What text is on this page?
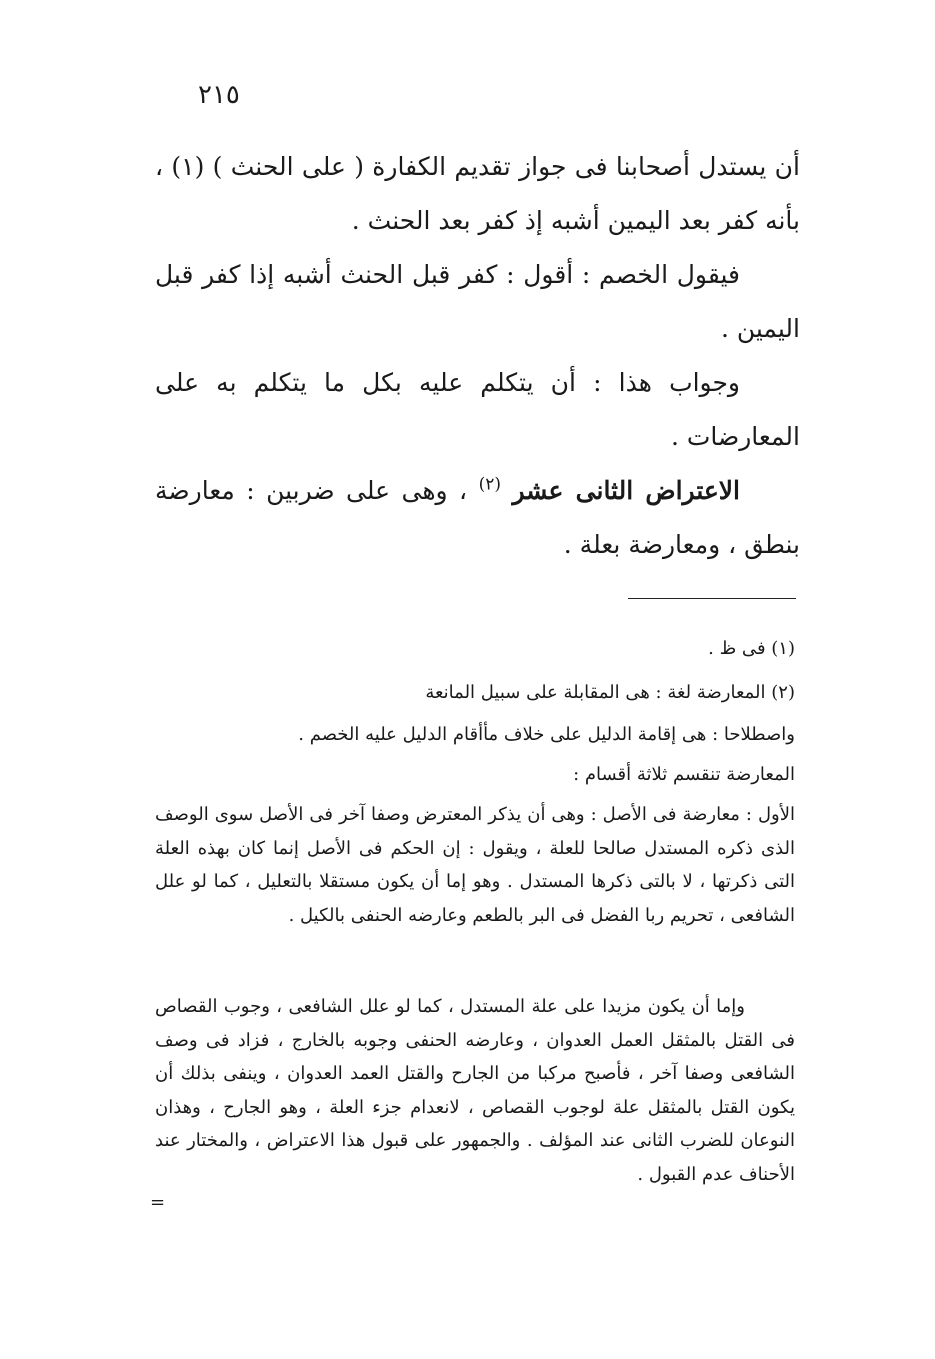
٢١٥

أن يستدل أصحابنا فى جواز تقديم الكفارة ( على الحنث ) (١) ، بأنه كفر بعد اليمين أشبه إذ كفر بعد الحنث .

فيقول الخصم : أقول : كفر قبل الحنث أشبه إذا كفر قبل اليمين .

وجواب هذا : أن يتكلم عليه بكل ما يتكلم به على المعارضات .

الاعتراض الثانى عشر $^{(٢)}$ ، وهى على ضربين : معارضة بنطق ، ومعارضة بعلة .

(١) فى ظ .
(٢) المعارضة لغة : هى المقابلة على سبيل المانعة
واصطلاحا : هى إقامة الدليل على خلاف مأأقام الدليل عليه الخصم .
المعارضة تنقسم ثلاثة أقسام :

الأول : معارضة فى الأصل : وهى أن يذكر المعترض وصفا آخر فى الأصل سوى الوصف الذى ذكره المستدل صالحا للعلة ، ويقول : إن الحكم فى الأصل إنما كان بهذه العلة التى ذكرتها ، لا بالتى ذكرها المستدل . وهو إما أن يكون مستقلا بالتعليل ، كما لو علل الشافعى ، تحريم ربا الفضل فى البر بالطعم وعارضه الحنفى بالكيل .

وإما أن يكون مزيدا على علة المستدل ، كما لو علل الشافعى ، وجوب القصاص فى القتل بالمثقل العمل العدوان ، وعارضه الحنفى وجوبه بالخارج ، فزاد فى وصف الشافعى وصفا آخر ، فأصبح مركبا من الجارح والقتل العمد العدوان ، وينفى بذلك أن يكون القتل بالمثقل علة لوجوب القصاص ، لانعدام جزء العلة ، وهو الجارح ، وهذان النوعان للضرب الثانى عند المؤلف . والجمهور على قبول هذا الاعتراض ، والمختار عند الأحناف عدم القبول .

=
